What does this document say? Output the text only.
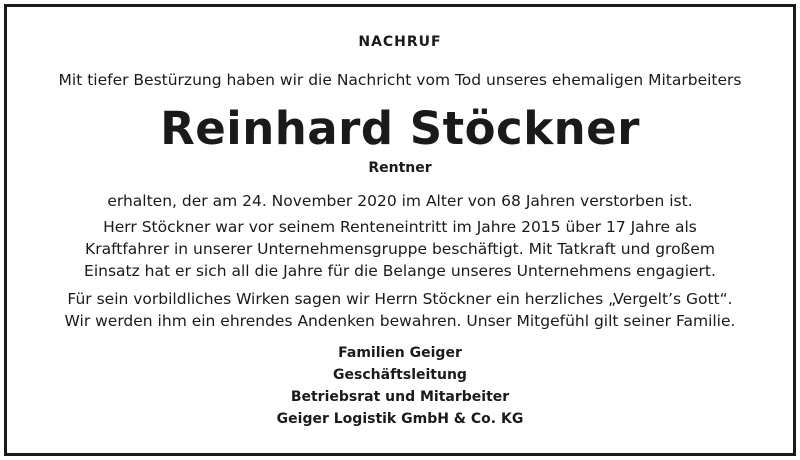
NACHRUF
Mit tiefer Bestürzung haben wir die Nachricht vom Tod unseres ehemaligen Mitarbeiters
Reinhard Stöckner
Rentner
erhalten, der am 24. November 2020 im Alter von 68 Jahren verstorben ist.
Herr Stöckner war vor seinem Renteneintritt im Jahre 2015 über 17 Jahre als
Kraftfahrer in unserer Unternehmensgruppe beschäftigt. Mit Tatkraft und großem
Einsatz hat er sich all die Jahre für die Belange unseres Unternehmens engagiert.
Für sein vorbildliches Wirken sagen wir Herrn Stöckner ein herzliches „Vergelt’s Gott“.
Wir werden ihm ein ehrendes Andenken bewahren. Unser Mitgefühl gilt seiner Familie.
Familien Geiger
Geschäftsleitung
Betriebsrat und Mitarbeiter
Geiger Logistik GmbH & Co. KG
